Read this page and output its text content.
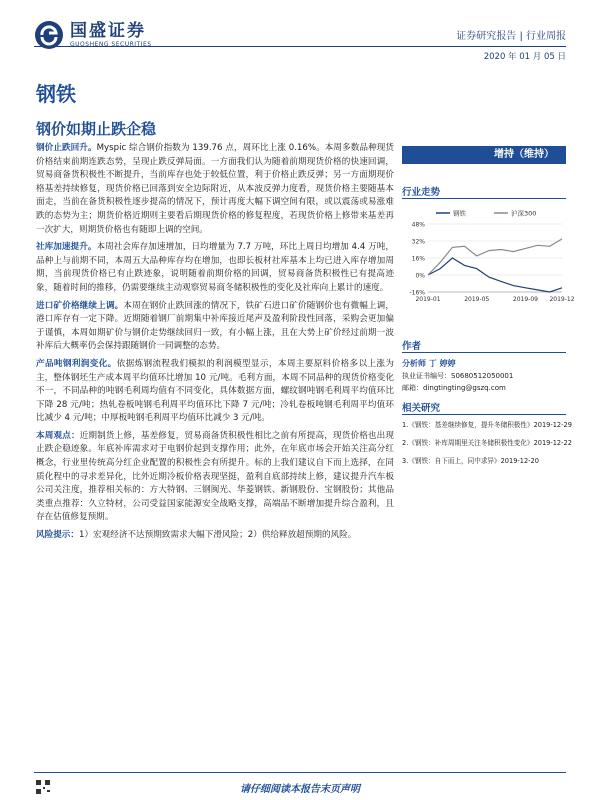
国盛证券
GUOSHENG SECURITIES
证券研究报告 | 行业周报
2020 年 01 月 05 日
钢铁
钢价如期止跌企稳

钢价止跌回升。Myspic 综合钢价指数为 139.76 点，周环比上涨 0.16%。本周多数品种现货价格结束前期连跌态势，呈现止跌反弹局面。一方面我们认为随着前期现货价格的快速回调，贸易商备货积极性不断提升，当前库存也处于较低位置，利于价格止跌反弹；另一方面期现价格基差持续修复，现货价格已回落到安全边际附近，从本波反弹力度看，现货价格主要随基本面走，当前在备货积极性逐步提高的情况下，预计再度大幅下调空间有限，或以震荡或易涨难跌的态势为主；期货价格近期则主要看后期现货价格的修复程度，若现货价格上修带来基差再一次扩大，则期货价格也有随即上调的空间。

社库加速提升。本周社会库存加速增加，日均增量为 7.7 万吨，环比上周日均增加 4.4 万吨，品种上与前期不同，本周五大品种库存均在增加，也即长板材社库基本上均已进入库存增加周期，当前现货价格已有止跌迹象，说明随着前期价格的回调，贸易商备货积极性已有提高迹象，随着时间的推移，仍需要继续主动观察贸易商冬储积极性的变化及社库向上累计的速度。

进口矿价格继续上调。本周在钢价止跌回涨的情况下，铁矿石进口矿价随钢价也有微幅上调，港口库存有一定下降。近期随着钢厂前期集中补库接近尾声及盈利阶段性回落，采购会更加偏于谨慎，本周如期矿价与钢价走势继续回归一致，有小幅上涨，且在大势上矿价经过前期一波补库后大概率仍会保持跟随钢价一同调整的态势。

产品吨钢利润变化。依据炼钢流程我们模拟的利润模型显示，本周主要原料价格多以上涨为主，整体钢坯生产成本周平均值环比增加 10 元/吨。毛利方面，本周不同品种的现货价格变化不一，不同品种的吨钢毛利周均值有不同变化，具体数据方面，螺纹钢吨钢毛利周平均值环比下降 28 元/吨；热轧卷板吨钢毛利周平均值环比下降 7 元/吨；冷轧卷板吨钢毛利周平均值环比减少 4 元/吨；中厚板吨钢毛利周平均值环比减少 3 元/吨。

本周观点：近期制货上修，基差修复，贸易商备货积极性相比之前有所提高，现货价格也出现止跌企稳迹象。年底补库需求对于电钢价起到支撑作用；此外，在年底市场会开始关注高分红概念，行业里传统高分红企业配置的积极性会有所提升。标的上我们建议自下而上选择，在同质化程中的寻求差异化，比外近期冷板价格表现坚挺，盈利自底部持续上修，建议提升汽车板公司关注度，推荐相关标的：方大特钢、三钢闽光、华菱钢铁、新钢股份、宝钢股份；其他品类重点推荐：久立特材，公司受益国家能源安全战略支撑，高端品不断增加提升综合盈利，且存在估值修复预期。

风险提示：1）宏观经济不达预期致需求大幅下滑风险；2）供给释放超预期的风险。

增持（维持）
行业走势
48%
32%
16%
0%
-16%
2019-01	2019-05	2019-09 2019-12
钢铁	沪深300
作者
分析师 丁 婷婷
执业证书编号：S0680512050001
邮箱：dingtingting@gszq.com
相关研究
1.《钢铁：基差继续修复，提升冬储积极性》2019-12-29
2.《钢铁：补库周期里关注冬储积极性变化》2019-12-22
3.《钢铁：自下而上，同中求异》2019-12-20
请仔细阅读本报告末页声明
